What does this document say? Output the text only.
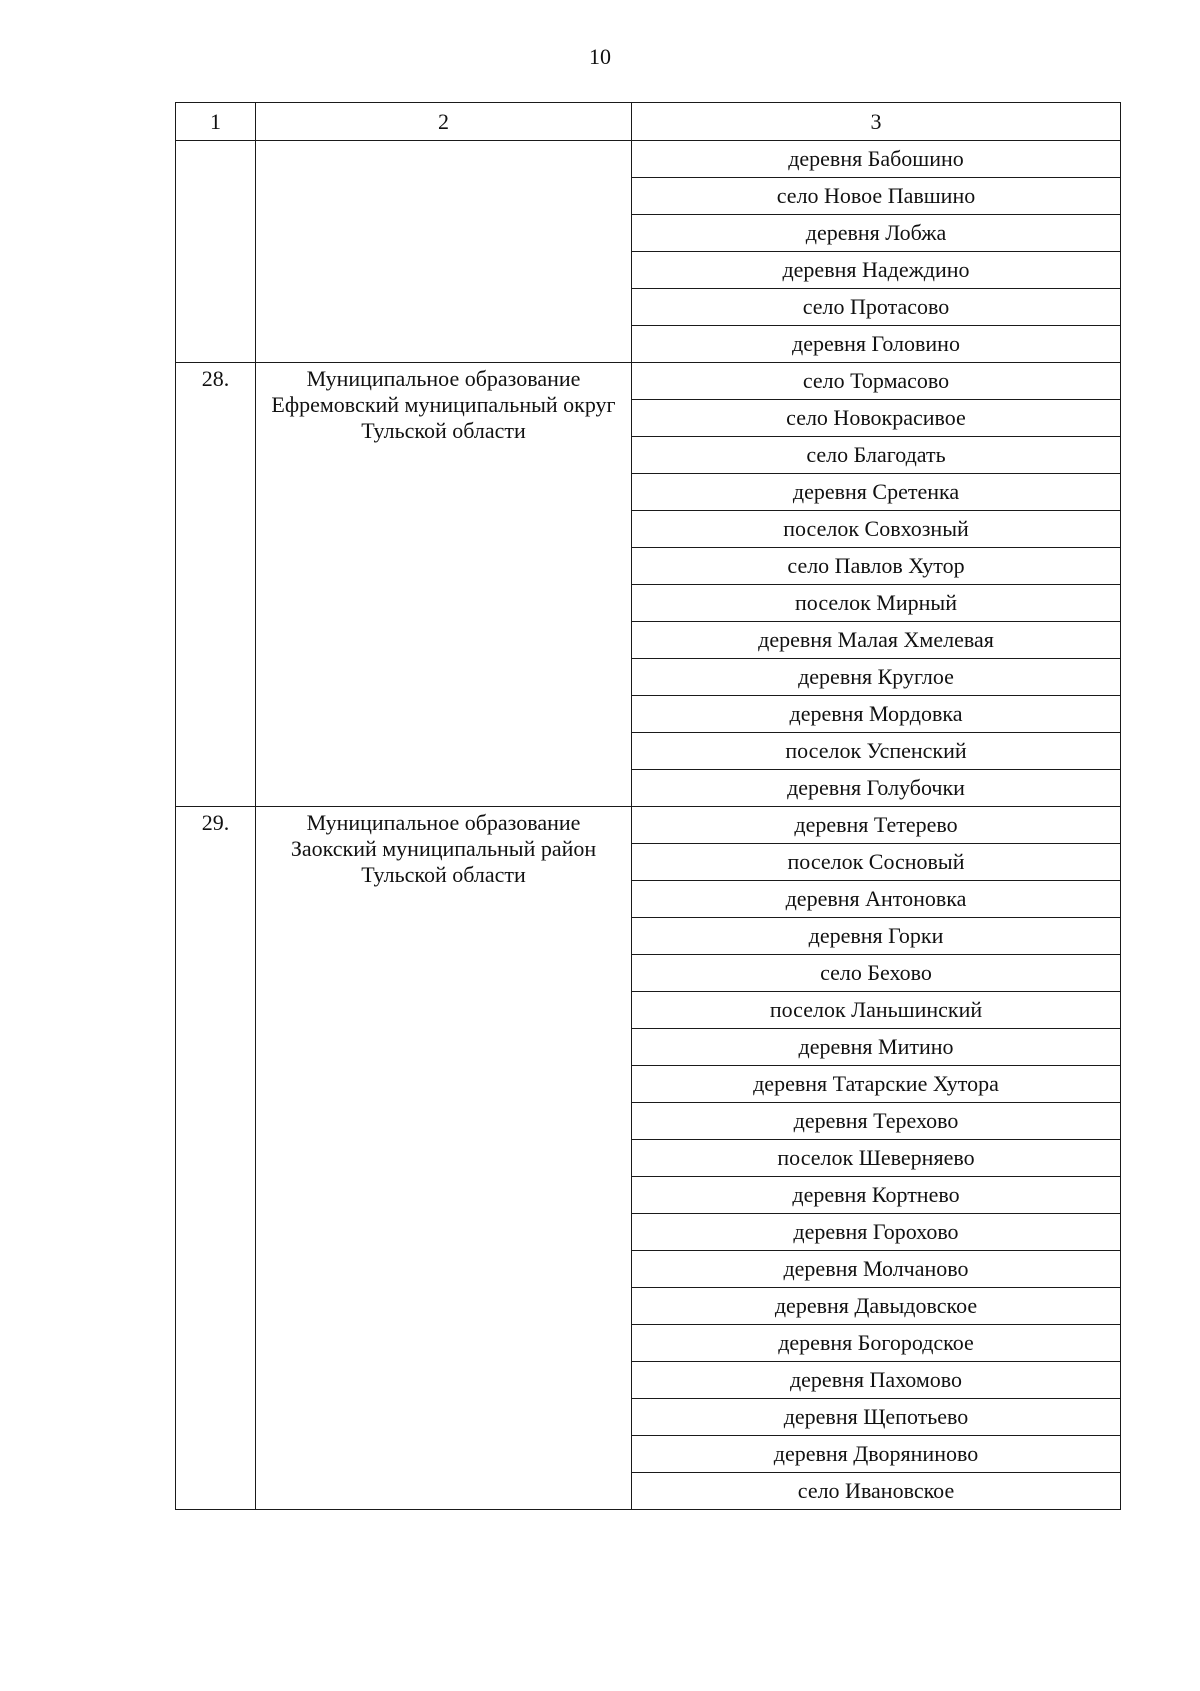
10
1	2	3
		деревня Бабошино
		село Новое Павшино
		деревня Лобжа
		деревня Надеждино
		село Протасово
		деревня Головино
28.	Муниципальное образование Ефремовский муниципальный округ Тульской области	село Тормасово
		село Новокрасивое
		село Благодать
		деревня Сретенка
		поселок Совхозный
		село Павлов Хутор
		поселок Мирный
		деревня Малая Хмелевая
		деревня Круглое
		деревня Мордовка
		поселок Успенский
		деревня Голубочки
29.	Муниципальное образование Заокский муниципальный район Тульской области	деревня Тетерево
		поселок Сосновый
		деревня Антоновка
		деревня Горки
		село Бехово
		поселок Ланьшинский
		деревня Митино
		деревня Татарские Хутора
		деревня Терехово
		поселок Шеверняево
		деревня Кортнево
		деревня Горохово
		деревня Молчаново
		деревня Давыдовское
		деревня Богородское
		деревня Пахомово
		деревня Щепотьево
		деревня Дворяниново
		село Ивановское
